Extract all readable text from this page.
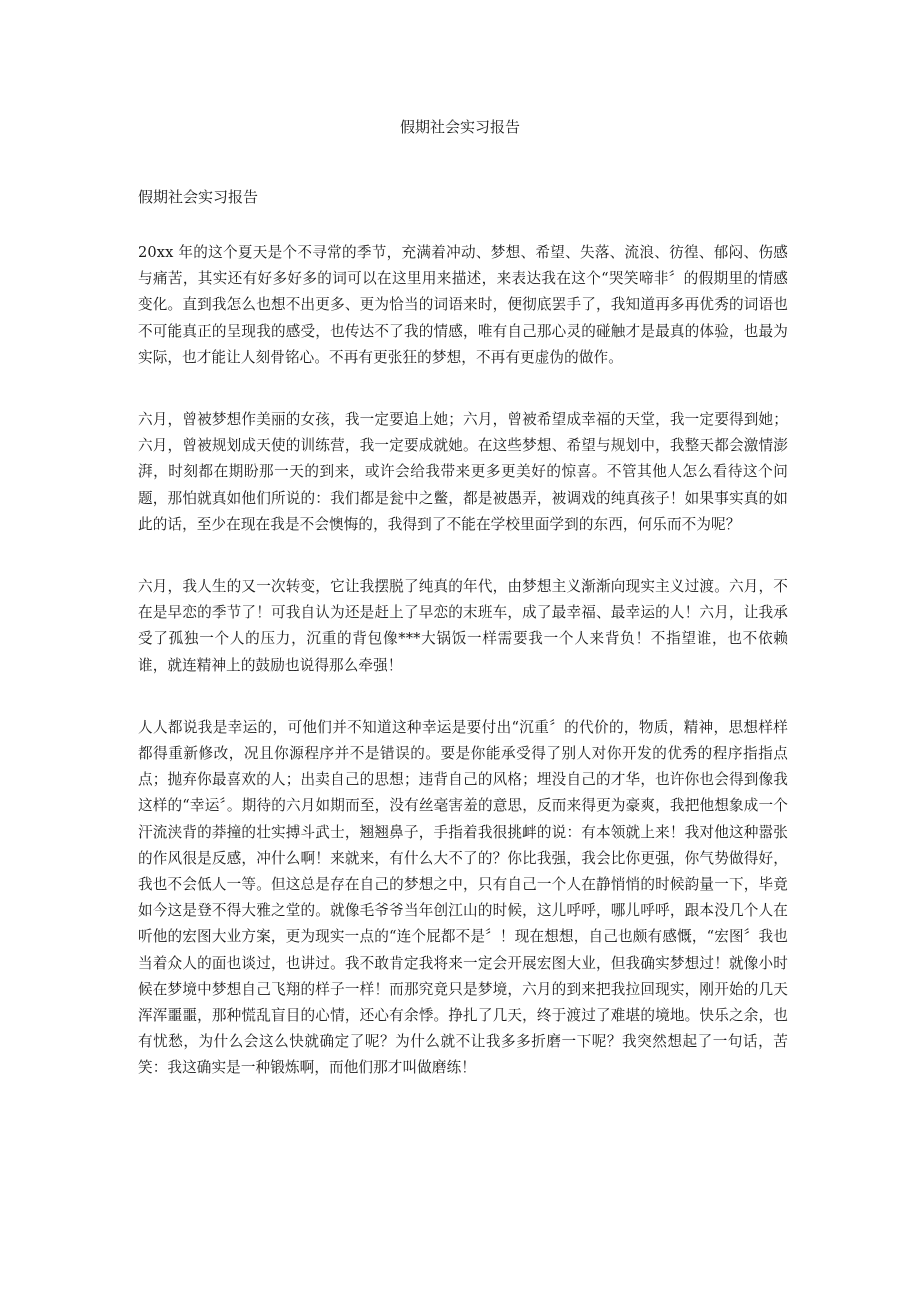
假期社会实习报告
假期社会实习报告

20xx 年的这个夏天是个不寻常的季节，充满着冲动、梦想、希望、失落、流浪、彷徨、郁闷、伤感与痛苦，其实还有好多好多的词可以在这里用来描述，来表达我在这个“哭笑啼非〞的假期里的情感变化。直到我怎么也想不出更多、更为恰当的词语来时，便彻底罢手了，我知道再多再优秀的词语也不可能真正的呈现我的感受，也传达不了我的情感，唯有自己那心灵的碰触才是最真的体验，也最为实际，也才能让人刻骨铭心。不再有更张狂的梦想，不再有更虚伪的做作。

六月，曾被梦想作美丽的女孩，我一定要追上她；六月，曾被希望成幸福的天堂，我一定要得到她；六月，曾被规划成天使的训练营，我一定要成就她。在这些梦想、希望与规划中，我整天都会激情澎湃，时刻都在期盼那一天的到来，或许会给我带来更多更美好的惊喜。不管其他人怎么看待这个问题，那怕就真如他们所说的：我们都是瓮中之鳖，都是被愚弄，被调戏的纯真孩子！如果事实真的如此的话，至少在现在我是不会懊悔的，我得到了不能在学校里面学到的东西，何乐而不为呢？

六月，我人生的又一次转变，它让我摆脱了纯真的年代，由梦想主义渐渐向现实主义过渡。六月，不在是早恋的季节了！可我自认为还是赶上了早恋的末班车，成了最幸福、最幸运的人！六月，让我承受了孤独一个人的压力，沉重的背包像***大锅饭一样需要我一个人来背负！不指望谁，也不依赖谁，就连精神上的鼓励也说得那么牵强！

人人都说我是幸运的，可他们并不知道这种幸运是要付出“沉重〞的代价的，物质，精神，思想样样都得重新修改，况且你源程序并不是错误的。要是你能承受得了别人对你开发的优秀的程序指指点点；抛弃你最喜欢的人；出卖自己的思想；违背自己的风格；埋没自己的才华，也许你也会得到像我这样的“幸运〞。期待的六月如期而至，没有丝毫害羞的意思，反而来得更为豪爽，我把他想象成一个汗流浃背的莽撞的壮实搏斗武士，翘翘鼻子，手指着我很挑衅的说：有本领就上来！我对他这种嚣张的作风很是反感，冲什么啊！来就来，有什么大不了的？你比我强，我会比你更强，你气势做得好，我也不会低人一等。但这总是存在自己的梦想之中，只有自己一个人在静悄悄的时候韵量一下，毕竟如今这是登不得大雅之堂的。就像毛爷爷当年创江山的时候，这儿呼呼，哪儿呼呼，跟本没几个人在听他的宏图大业方案，更为现实一点的“连个屁都不是〞！现在想想，自己也颇有感慨，“宏图〞我也当着众人的面也谈过，也讲过。我不敢肯定我将来一定会开展宏图大业，但我确实梦想过！就像小时候在梦境中梦想自己飞翔的样子一样！而那究竟只是梦境，六月的到来把我拉回现实，刚开始的几天浑浑噩噩，那种慌乱盲目的心情，还心有余悸。挣扎了几天，终于渡过了难堪的境地。快乐之余，也有忧愁，为什么会这么快就确定了呢？为什么就不让我多多折磨一下呢？我突然想起了一句话，苦笑：我这确实是一种锻炼啊，而他们那才叫做磨练！
